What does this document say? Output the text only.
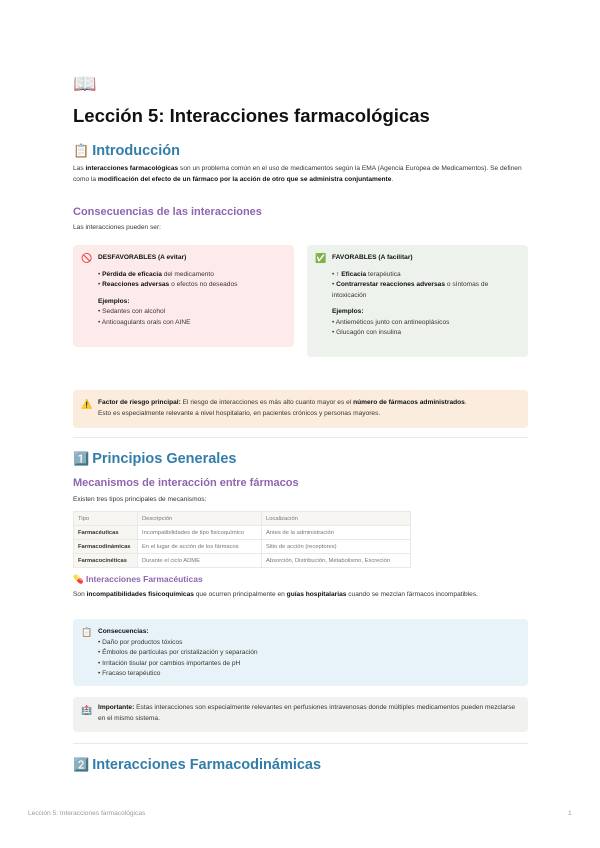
📖
Lección 5: Interacciones farmacológicas
📋 Introducción

Las interacciones farmacológicas son un problema común en el uso de medicamentos según la EMA (Agencia Europea de Medicamentos). Se definen como la modificación del efecto de un fármaco por la acción de otro que se administra conjuntamente.

Consecuencias de las interacciones

Las interacciones pueden ser:

🚫 DESFAVORABLES (A evitar)
• Pérdida de eficacia del medicamento
• Reacciones adversas o efectos no deseados
Ejemplos:
• Sedantes con alcohol
• Anticoagulants orals con AINE
✅ FAVORABLES (A facilitar)
• ↑ Eficacia terapéutica
• Contrarrestar reacciones adversas o síntomas de intoxicación
Ejemplos:
• Antieméticos junto con antineoplásicos
• Glucagón con insulina
⚠️ Factor de riesgo principal: El riesgo de interacciones es más alto cuanto mayor es el número de fármacos administrados.
Esto es especialmente relevante a nivel hospitalario, en pacientes crónicos y personas mayores.
1️⃣ Principios Generales
Mecanismos de interacción entre fármacos

Existen tres tipos principales de mecanismos:

Tipo	Descripción	Localización
Farmacéuticas	Incompatibilidades de tipo fisicoquímico	Antes de la administración
Farmacodinámicas	En el lugar de acción de los fármacos	Sitio de acción (receptores)
Farmacocinéticas	Durante el ciclo ADME	Absorción, Distribución, Metabolismo, Excreción
💊 Interacciones Farmacéuticas

Son incompatibilidades fisicoquímicas que ocurren principalmente en guías hospitalarias cuando se mezclan fármacos incompatibles.

📋 Consecuencias:
• Daño por productos tóxicos
• Émbolos de partículas por cristalización y separación
• Irritación tisular por cambios importantes de pH
• Fracaso terapéutico
🏥 Importante: Estas interacciones son especialmente relevantes en perfusiones intravenosas donde múltiples medicamentos pueden mezclarse en el mismo sistema.
2️⃣ Interacciones Farmacodinámicas
Lección 5: Interacciones farmacológicas	1
